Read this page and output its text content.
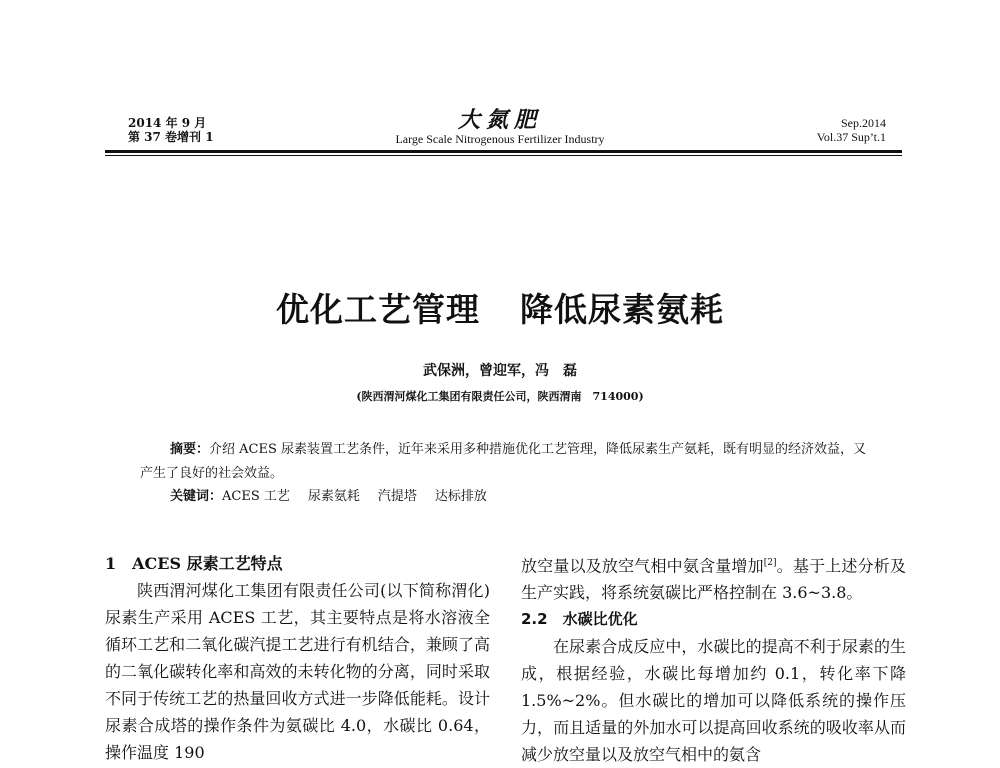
2014 年 9 月
第 37 卷增刊 1
大氮肥
Large Scale Nitrogenous Fertilizer Industry
Sep.2014
Vol.37 Sup’t.1
优化工艺管理 降低尿素氨耗
武保洲，曾迎军，冯　磊
(陕西渭河煤化工集团有限责任公司，陕西渭南　714000)
摘要：介绍 ACES 尿素装置工艺条件，近年来采用多种措施优化工艺管理，降低尿素生产氨耗，既有明显的经济效益，又产生了良好的社会效益。
关键词：ACES 工艺 尿素氨耗 汽提塔 达标排放

1　ACES 尿素工艺特点

陕西渭河煤化工集团有限责任公司(以下简称渭化)尿素生产采用 ACES 工艺，其主要特点是将水溶液全循环工艺和二氧化碳汽提工艺进行有机结合，兼顾了高的二氧化碳转化率和高效的未转化物的分离，同时采取不同于传统工艺的热量回收方式进一步降低能耗。设计尿素合成塔的操作条件为氨碳比 4.0，水碳比 0.64，操作温度 190

放空量以及放空气相中氨含量增加[2]。基于上述分析及生产实践，将系统氨碳比严格控制在 3.6~3.8。

2.2　水碳比优化

在尿素合成反应中，水碳比的提高不利于尿素的生成，根据经验，水碳比每增加约 0.1，转化率下降 1.5%~2%。但水碳比的增加可以降低系统的操作压力，而且适量的外加水可以提高回收系统的吸收率从而减少放空量以及放空气相中的氨含
